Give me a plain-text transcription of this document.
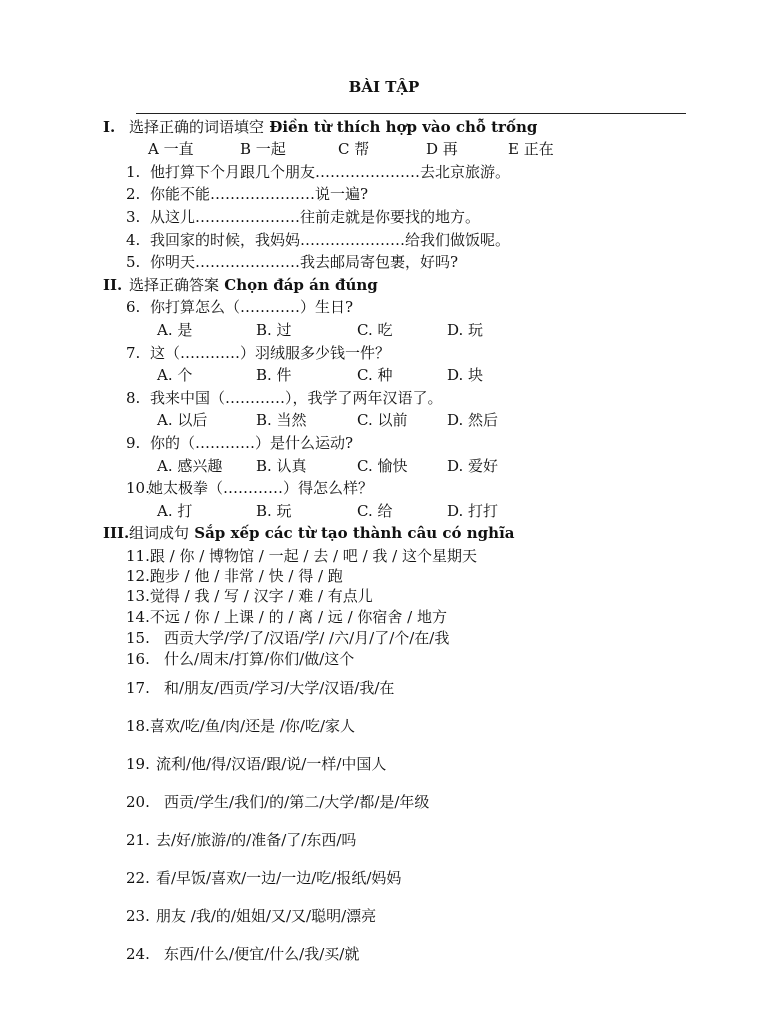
BÀI TẬP
I. 选择正确的词语填空 Điền từ thích hợp vào chỗ trống
A 一直	B 一起	C 帮	D 再	E 正在
1. 他打算下个月跟几个朋友…………………去北京旅游。
2. 你能不能…………………说一遍?
3. 从这儿…………………往前走就是你要找的地方。
4. 我回家的时候，我妈妈…………………给我们做饭呢。
5. 你明天…………………我去邮局寄包裹，好吗?
II. 选择正确答案 Chọn đáp án đúng
6. 你打算怎么（…………）生日?
A. 是	B. 过	C. 吃	D. 玩
7. 这（…………）羽绒服多少钱一件？
A. 个	B. 件	C. 种	D. 块
8. 我来中国（…………），我学了两年汉语了。
A. 以后	B. 当然	C. 以前	D. 然后
9. 你的（…………）是什么运动?
A. 感兴趣 B. 认真	C. 愉快	D. 爱好
10.她太极拳（…………）得怎么样？
A. 打	B. 玩	C. 给	D. 打打
III.组词成句 Sắp xếp các từ tạo thành câu có nghĩa
11.跟 / 你 / 博物馆 / 一起 / 去 / 吧 / 我 / 这个星期天
12.跑步 / 他 / 非常 / 快 / 得 / 跑
13.觉得 / 我 / 写 / 汉字 / 难 / 有点儿
14.不远 / 你 / 上课 / 的 / 离 / 远 / 你宿舍 / 地方
15. 西贡大学/学/了/汉语/学/ /六/月/了/个/在/我
16. 什么/周末/打算/你们/做/这个
17. 和/朋友/西贡/学习/大学/汉语/我/在
18.喜欢/吃/鱼/肉/还是 /你/吃/家人
19. 流利/他/得/汉语/跟/说/一样/中国人
20. 西贡/学生/我们/的/第二/大学/都/是/年级
21. 去/好/旅游/的/准备/了/东西/吗
22. 看/早饭/喜欢/一边/一边/吃/报纸/妈妈
23. 朋友 /我/的/姐姐/又/又/聪明/漂亮
24. 东西/什么/便宜/什么/我/买/就
